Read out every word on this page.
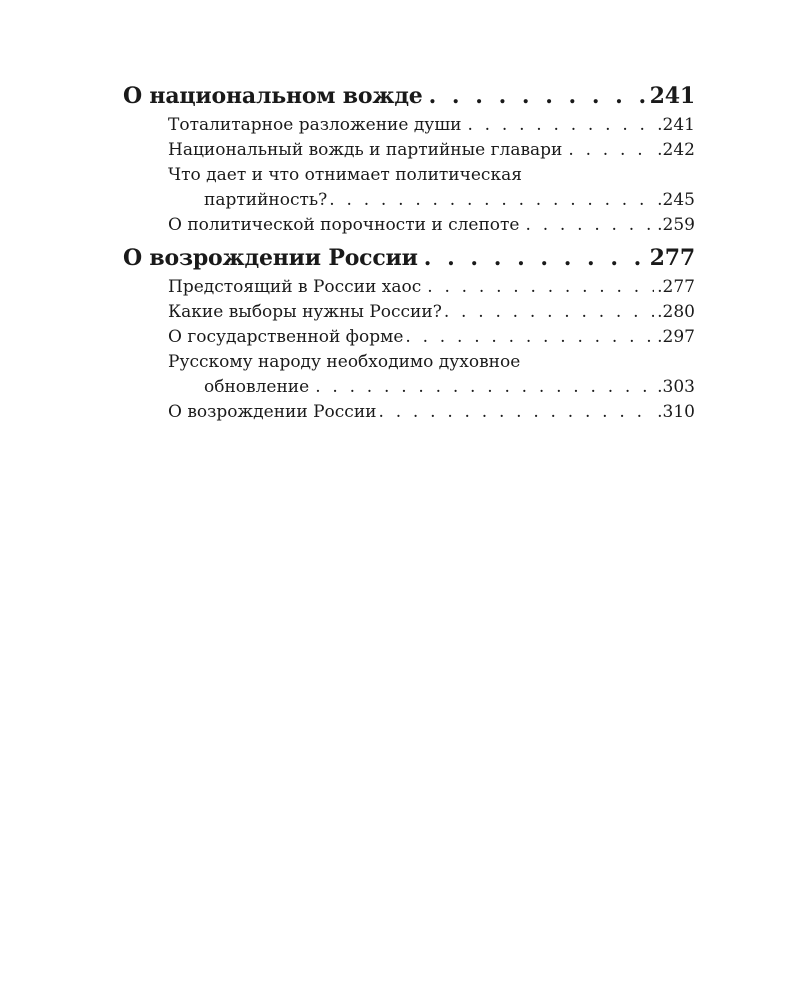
О национальном вожде . . .	241
Тоталитарное разложение души . . .	.241
Национальный вождь и партийные главари . . .	.242
Что дает и что отнимает политическая
партийность? . . .	.245
О политической порочности и слепоте . . .	.259
О возрождении России . . .	277
Предстоящий в России хаос . . .	.277
Какие выборы нужны России? . . .	.280
О государственной форме . . .	.297
Русскому народу необходимо духовное
обновление . . .	.303
О возрождении России . . .	.310
